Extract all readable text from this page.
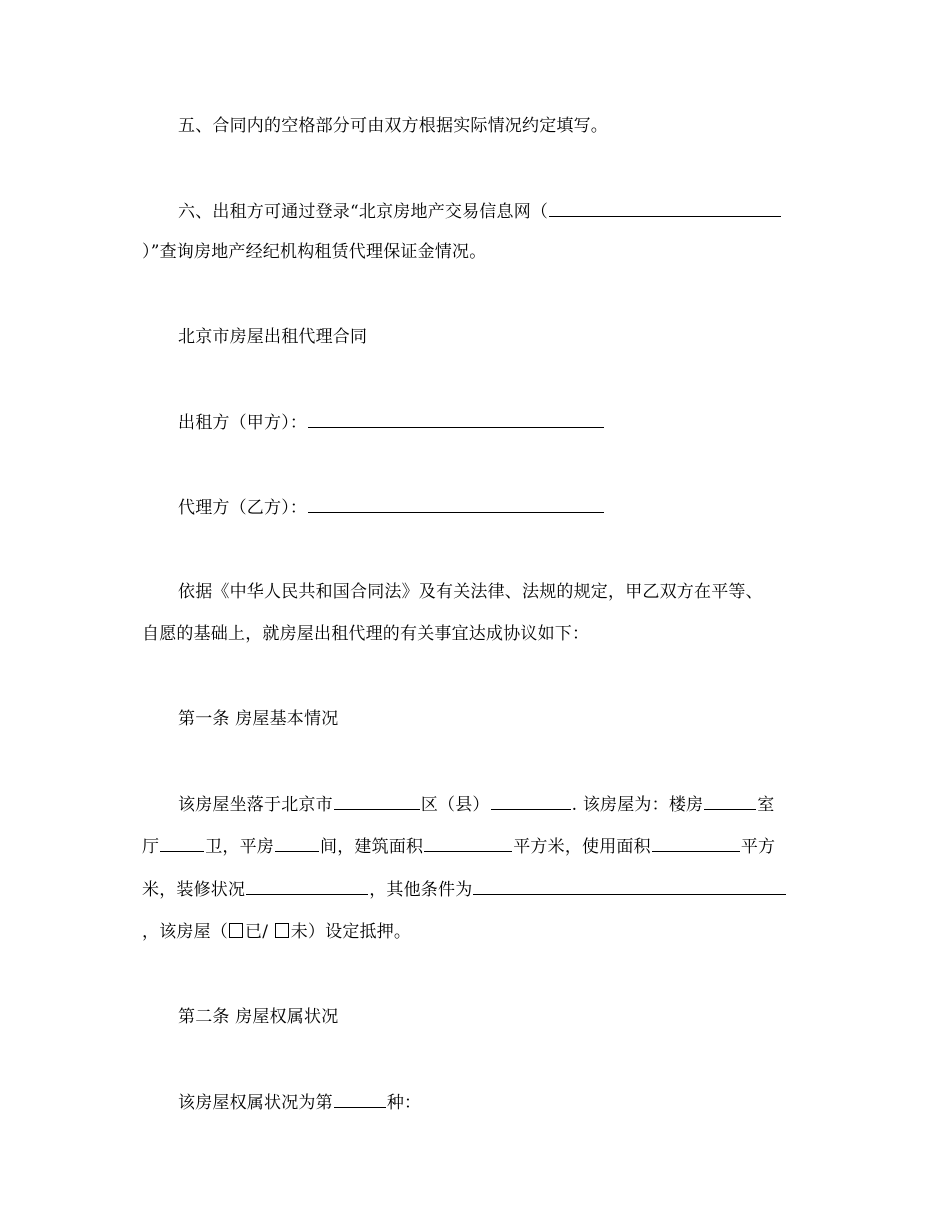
五、合同内的空格部分可由双方根据实际情况约定填写。
六、出租方可通过登录“北京房地产交易信息网（
）”查询房地产经纪机构租赁代理保证金情况。
北京市房屋出租代理合同
出租方（甲方）：
代理方（乙方）：
依据《中华人民共和国合同法》及有关法律、法规的规定，甲乙双方在平等、
自愿的基础上，就房屋出租代理的有关事宜达成协议如下：
第一条 房屋基本情况
该房屋坐落于北京市	区（县）	. 该房屋为：楼房	室
厅	卫，平房	间，建筑面积	平方米，使用面积	平方
米，装修状况	，其他条件为
，该房屋（ 已/ 未）设定抵押。
第二条 房屋权属状况
该房屋权属状况为第	种：
